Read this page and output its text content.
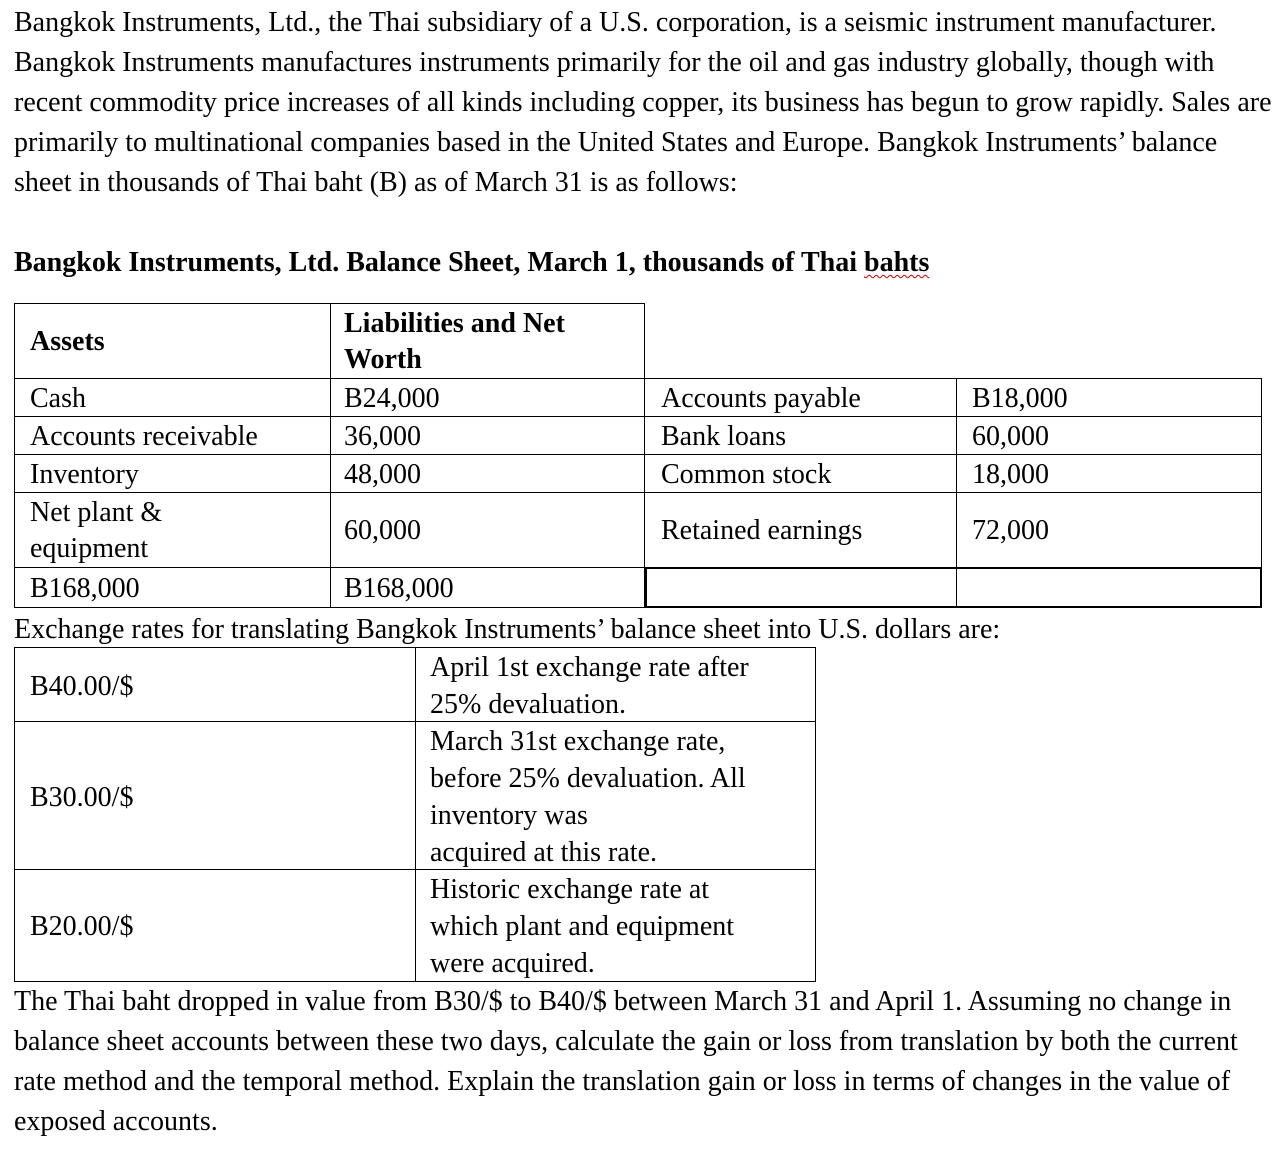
Bangkok Instruments, Ltd., the Thai subsidiary of a U.S. corporation, is a seismic instrument manufacturer. Bangkok Instruments manufactures instruments primarily for the oil and gas industry globally, though with recent commodity price increases of all kinds including copper, its business has begun to grow rapidly. Sales are primarily to multinational companies based in the United States and Europe. Bangkok Instruments’ balance sheet in thousands of Thai baht (B) as of March 31 is as follows:

Bangkok Instruments, Ltd. Balance Sheet, March 1, thousands of Thai bahts
Assets
Liabilities and Net
Worth
Cash	B24,000	Accounts payable	B18,000
Accounts receivable	36,000	Bank loans	60,000
Inventory	48,000	Common stock	18,000
Net plant &
equipment
60,000	Retained earnings	72,000
B168,000	B168,000
Exchange rates for translating Bangkok Instruments’ balance sheet into U.S. dollars are:
B40.00/$
April 1st exchange rate after
25% devaluation.
B30.00/$
March 31st exchange rate,
before 25% devaluation. All
inventory was
acquired at this rate.
B20.00/$
Historic exchange rate at
which plant and equipment
were acquired.

The Thai baht dropped in value from B30/$ to B40/$ between March 31 and April 1. Assuming no change in balance sheet accounts between these two days, calculate the gain or loss from translation by both the current rate method and the temporal method. Explain the translation gain or loss in terms of changes in the value of exposed accounts.
